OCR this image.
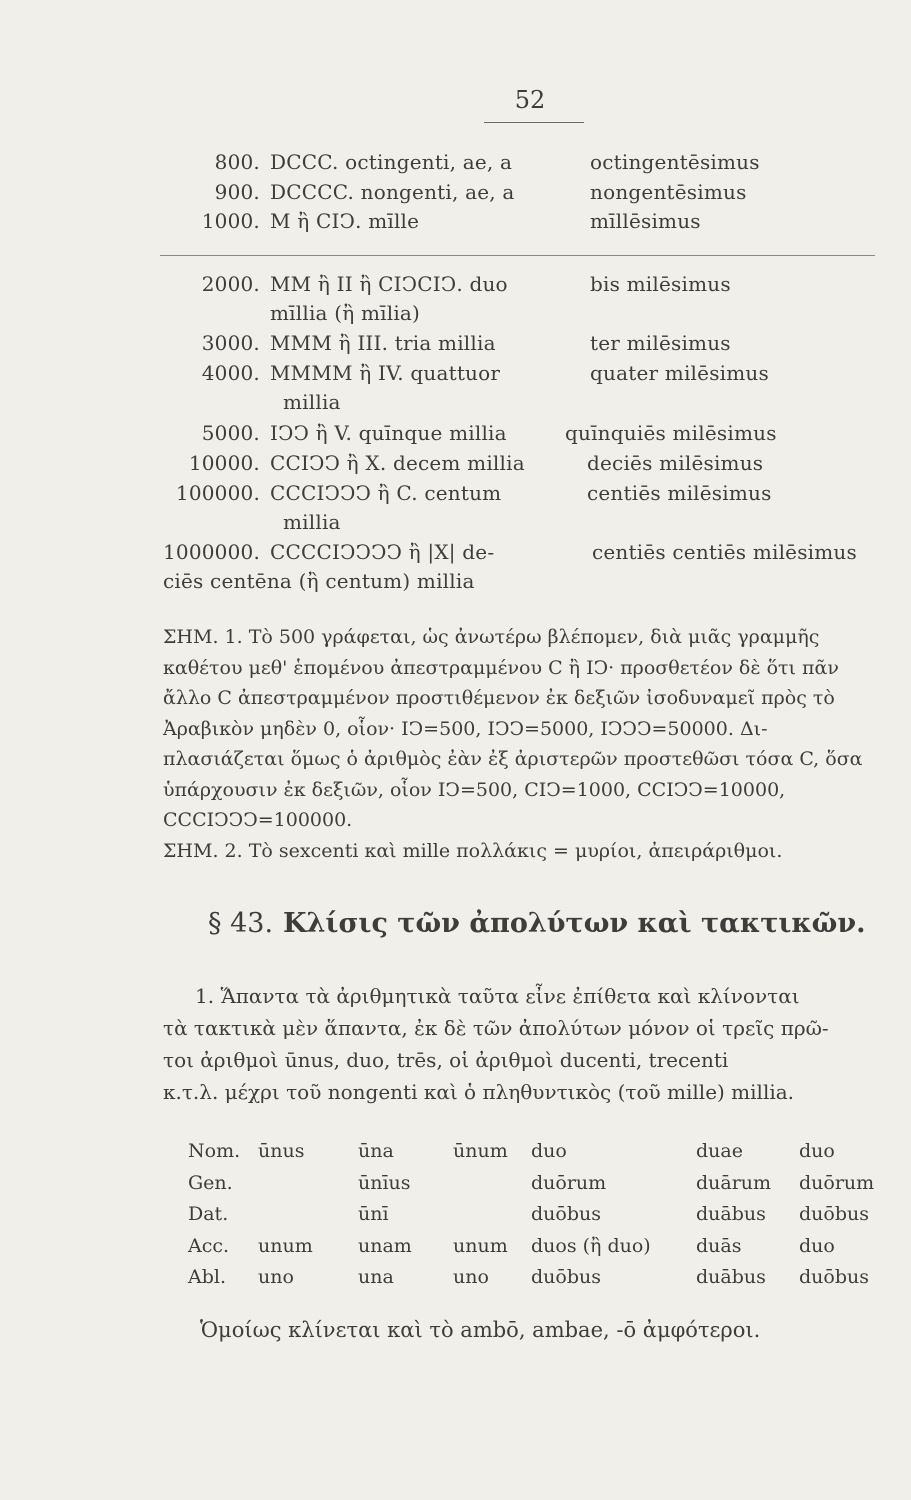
52
800. DCCC. octingenti, ae, a	octingentēsimus
900. DCCCC. nongenti, ae, a	nongentēsimus
1000. M ἢ CIↃ. mīlle	mīllēsimus
2000. MM ἢ II ἢ CIↃCIↃ. duo	bis milēsimus
mīllia (ἢ mīlia)
3000. MMM ἢ III. tria millia	ter milēsimus
4000. MMMM ἢ IV. quattuor	quater milēsimus
millia
5000. IↃↃ ἢ V. quīnque millia	quīnquiēs milēsimus
10000. CCIↃↃ ἢ X. decem millia	deciēs milēsimus
100000. CCCIↃↃↃ ἢ C. centum	centiēs milēsimus
millia
1000000. CCCCIↃↃↃↃ ἢ |X| de-	centiēs centiēs milēsimus
ciēs centēna (ἢ centum) millia
ΣΗΜ. 1. Τὸ 500 γράφεται, ὡς ἀνωτέρω βλέπομεν, διὰ μιᾶς γραμμῆς
καθέτου μεθ' ἑπομένου ἀπεστραμμένου C ἢ IↃ· προσθετέον δὲ ὅτι πᾶν
ἄλλο C ἀπεστραμμένον προστιθέμενον ἐκ δεξιῶν ἰσοδυναμεῖ πρὸς τὸ
Ἀραβικὸν μηδὲν 0, οἷον· IↃ=500, IↃↃ=5000, IↃↃↃ=50000. Δι-
πλασιάζεται ὅμως ὁ ἀριθμὸς ἐὰν ἐξ ἀριστερῶν προστεθῶσι τόσα C, ὅσα
ὑπάρχουσιν ἐκ δεξιῶν, οἷον IↃ=500, CIↃ=1000, CCIↃↃ=10000,
CCCIↃↃↃ=100000.
ΣΗΜ. 2. Τὸ sexcenti καὶ mille πολλάκις = μυρίοι, ἀπειράριθμοι.
§ 43. Κλίσις τῶν ἀπολύτων καὶ τακτικῶν.
1. Ἅπαντα τὰ ἀριθμητικὰ ταῦτα εἶνε ἐπίθετα καὶ κλίνονται
τὰ τακτικὰ μὲν ἅπαντα, ἐκ δὲ τῶν ἀπολύτων μόνον οἱ τρεῖς πρῶ-
τοι ἀριθμοὶ ūnus, duo, trēs, οἱ ἀριθμοὶ ducenti, trecenti
κ.τ.λ. μέχρι τοῦ nongenti καὶ ὁ πληθυντικὸς (τοῦ mille) millia.
Nom.	ūnus	ūna	ūnum	duo	duae	duo
Gen.		ūnīus		duōrum	duārum	duōrum
Dat.		ūnī		duōbus	duābus	duōbus
Acc.	unum	unam	unum	duos (ἢ duo)	duās	duo
Abl.	uno	una	uno	duōbus	duābus	duōbus
Ὁμοίως κλίνεται καὶ τὸ ambō, ambae, -ō ἀμφότεροι.
